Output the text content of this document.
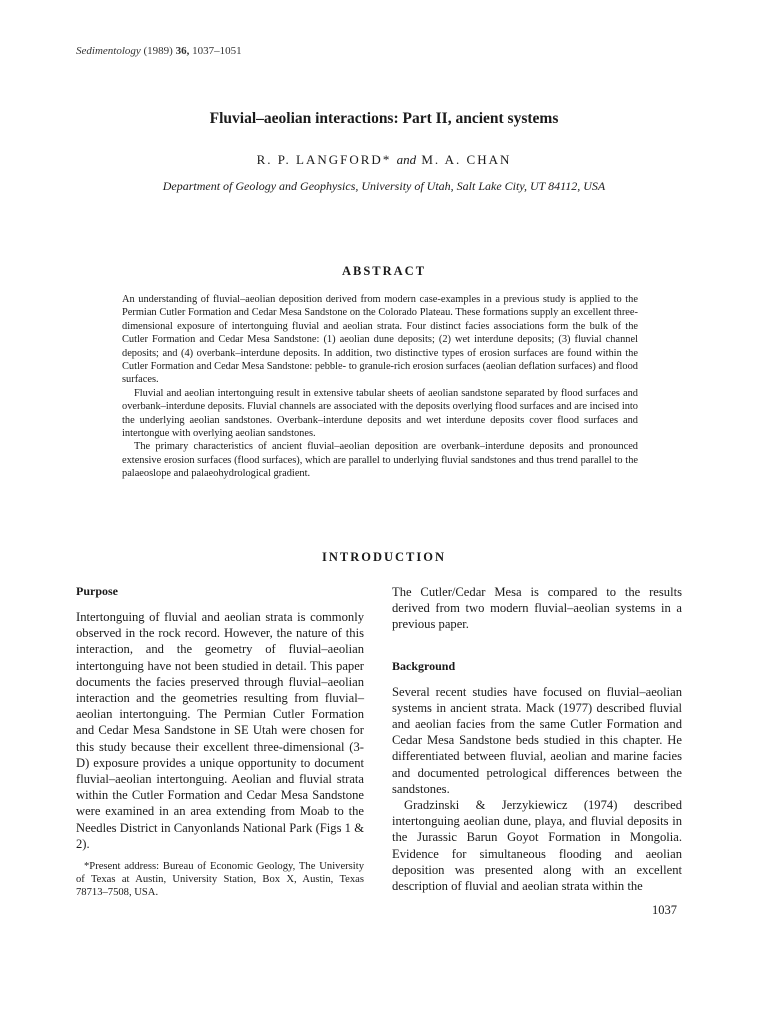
Sedimentology (1989) 36, 1037–1051
Fluvial–aeolian interactions: Part II, ancient systems
R. P. LANGFORD* and M. A. CHAN
Department of Geology and Geophysics, University of Utah, Salt Lake City, UT 84112, USA
ABSTRACT

An understanding of fluvial–aeolian deposition derived from modern case-examples in a previous study is applied to the Permian Cutler Formation and Cedar Mesa Sandstone on the Colorado Plateau. These formations supply an excellent three-dimensional exposure of intertonguing fluvial and aeolian strata. Four distinct facies associations form the bulk of the Cutler Formation and Cedar Mesa Sandstone: (1) aeolian dune deposits; (2) wet interdune deposits; (3) fluvial channel deposits; and (4) overbank–interdune deposits. In addition, two distinctive types of erosion surfaces are found within the Cutler Formation and Cedar Mesa Sandstone: pebble- to granule-rich erosion surfaces (aeolian deflation surfaces) and flood surfaces.

Fluvial and aeolian intertonguing result in extensive tabular sheets of aeolian sandstone separated by flood surfaces and overbank–interdune deposits. Fluvial channels are associated with the deposits overlying flood surfaces and are incised into the underlying aeolian sandstones. Overbank–interdune deposits and wet interdune deposits cover flood surfaces and intertongue with overlying aeolian sandstones.

The primary characteristics of ancient fluvial–aeolian deposition are overbank–interdune deposits and pronounced extensive erosion surfaces (flood surfaces), which are parallel to underlying fluvial sandstones and thus trend parallel to the palaeoslope and palaeohydrological gradient.

INTRODUCTION
Purpose

Intertonguing of fluvial and aeolian strata is commonly observed in the rock record. However, the nature of this interaction, and the geometry of fluvial–aeolian intertonguing have not been studied in detail. This paper documents the facies preserved through fluvial–aeolian interaction and the geometries resulting from fluvial–aeolian intertonguing. The Permian Cutler Formation and Cedar Mesa Sandstone in SE Utah were chosen for this study because their excellent three-dimensional (3-D) exposure provides a unique opportunity to document fluvial–aeolian intertonguing. Aeolian and fluvial strata within the Cutler Formation and Cedar Mesa Sandstone were examined in an area extending from Moab to the Needles District in Canyonlands National Park (Figs 1 & 2).

*Present address: Bureau of Economic Geology, The University of Texas at Austin, University Station, Box X, Austin, Texas 78713–7508, USA.

The Cutler/Cedar Mesa is compared to the results derived from two modern fluvial–aeolian systems in a previous paper.

Background

Several recent studies have focused on fluvial–aeolian systems in ancient strata. Mack (1977) described fluvial and aeolian facies from the same Cutler Formation and Cedar Mesa Sandstone beds studied in this chapter. He differentiated between fluvial, aeolian and marine facies and documented petrological differences between the sandstones.

Gradzinski & Jerzykiewicz (1974) described intertonguing aeolian dune, playa, and fluvial deposits in the Jurassic Barun Goyot Formation in Mongolia. Evidence for simultaneous flooding and aeolian deposition was presented along with an excellent description of fluvial and aeolian strata within the

1037
